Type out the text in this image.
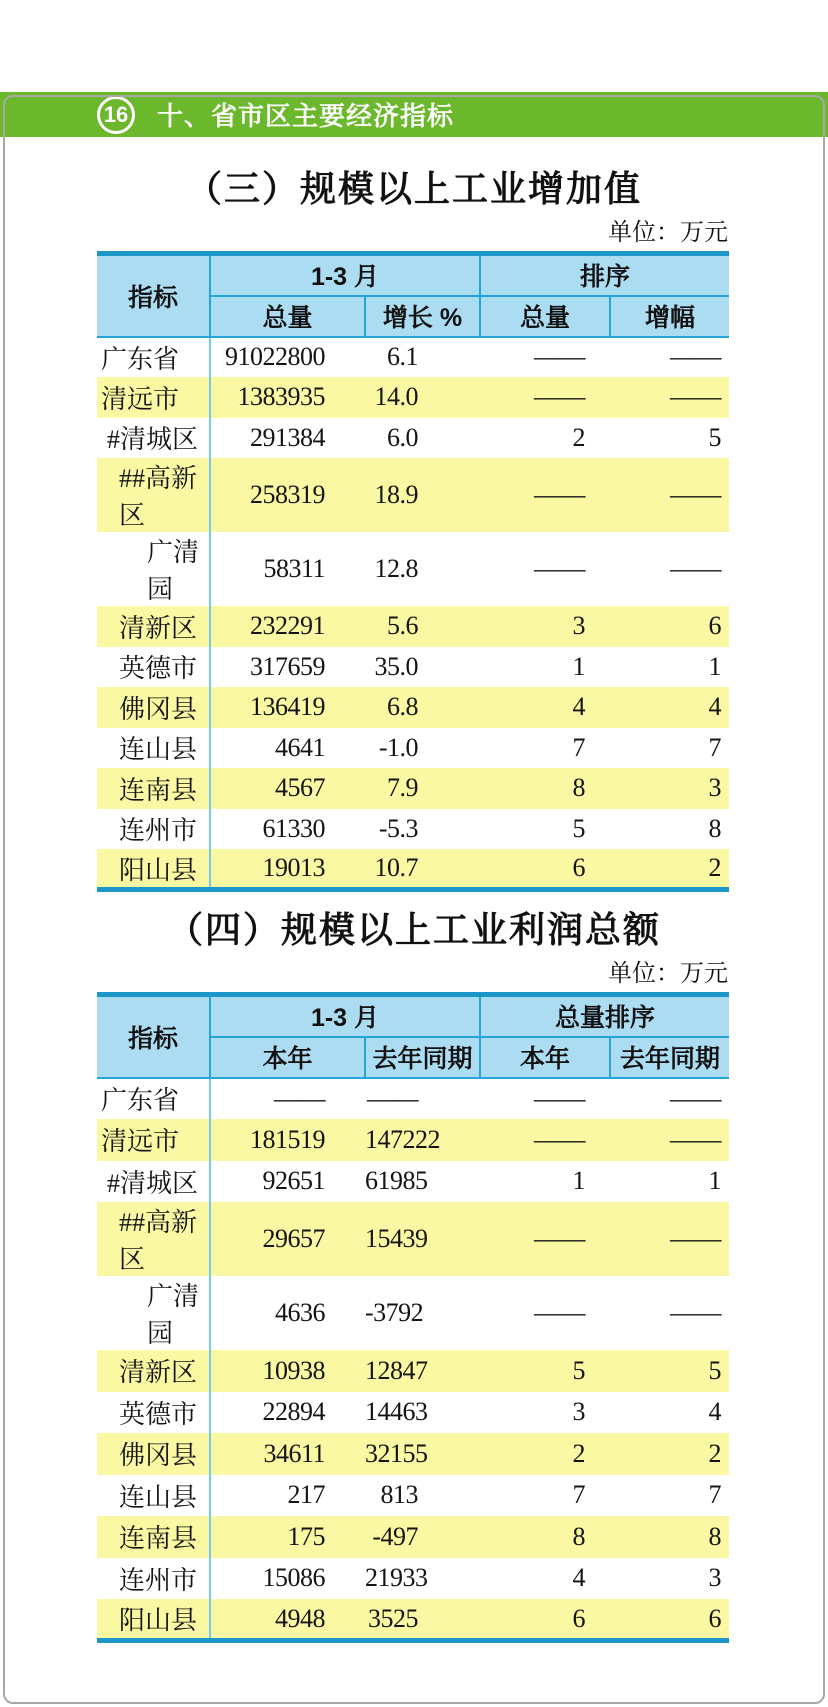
16 十、省市区主要经济指标
（三）规模以上工业增加值
单位：万元
指标	1-3 月		排序	
	总量	增长 %	总量	增幅
广东省	91022800	6.1	——	——
清远市	1383935	14.0	——	——
#清城区	291384	6.0	2	5
##高新区	258319	18.9	——	——
广清园	58311	12.8	——	——
清新区	232291	5.6	3	6
英德市	317659	35.0	1	1
佛冈县	136419	6.8	4	4
连山县	4641	-1.0	7	7
连南县	4567	7.9	8	3
连州市	61330	-5.3	5	8
阳山县	19013	10.7	6	2
（四）规模以上工业利润总额
单位：万元
指标	1-3 月		总量排序	
	本年	去年同期	本年	去年同期
广东省	——	——	——	——
清远市	181519	147222	——	——
#清城区	92651	61985	1	1
##高新区	29657	15439	——	——
广清园	4636	-3792	——	——
清新区	10938	12847	5	5
英德市	22894	14463	3	4
佛冈县	34611	32155	2	2
连山县	217	813	7	7
连南县	175	-497	8	8
连州市	15086	21933	4	3
阳山县	4948	3525	6	6
